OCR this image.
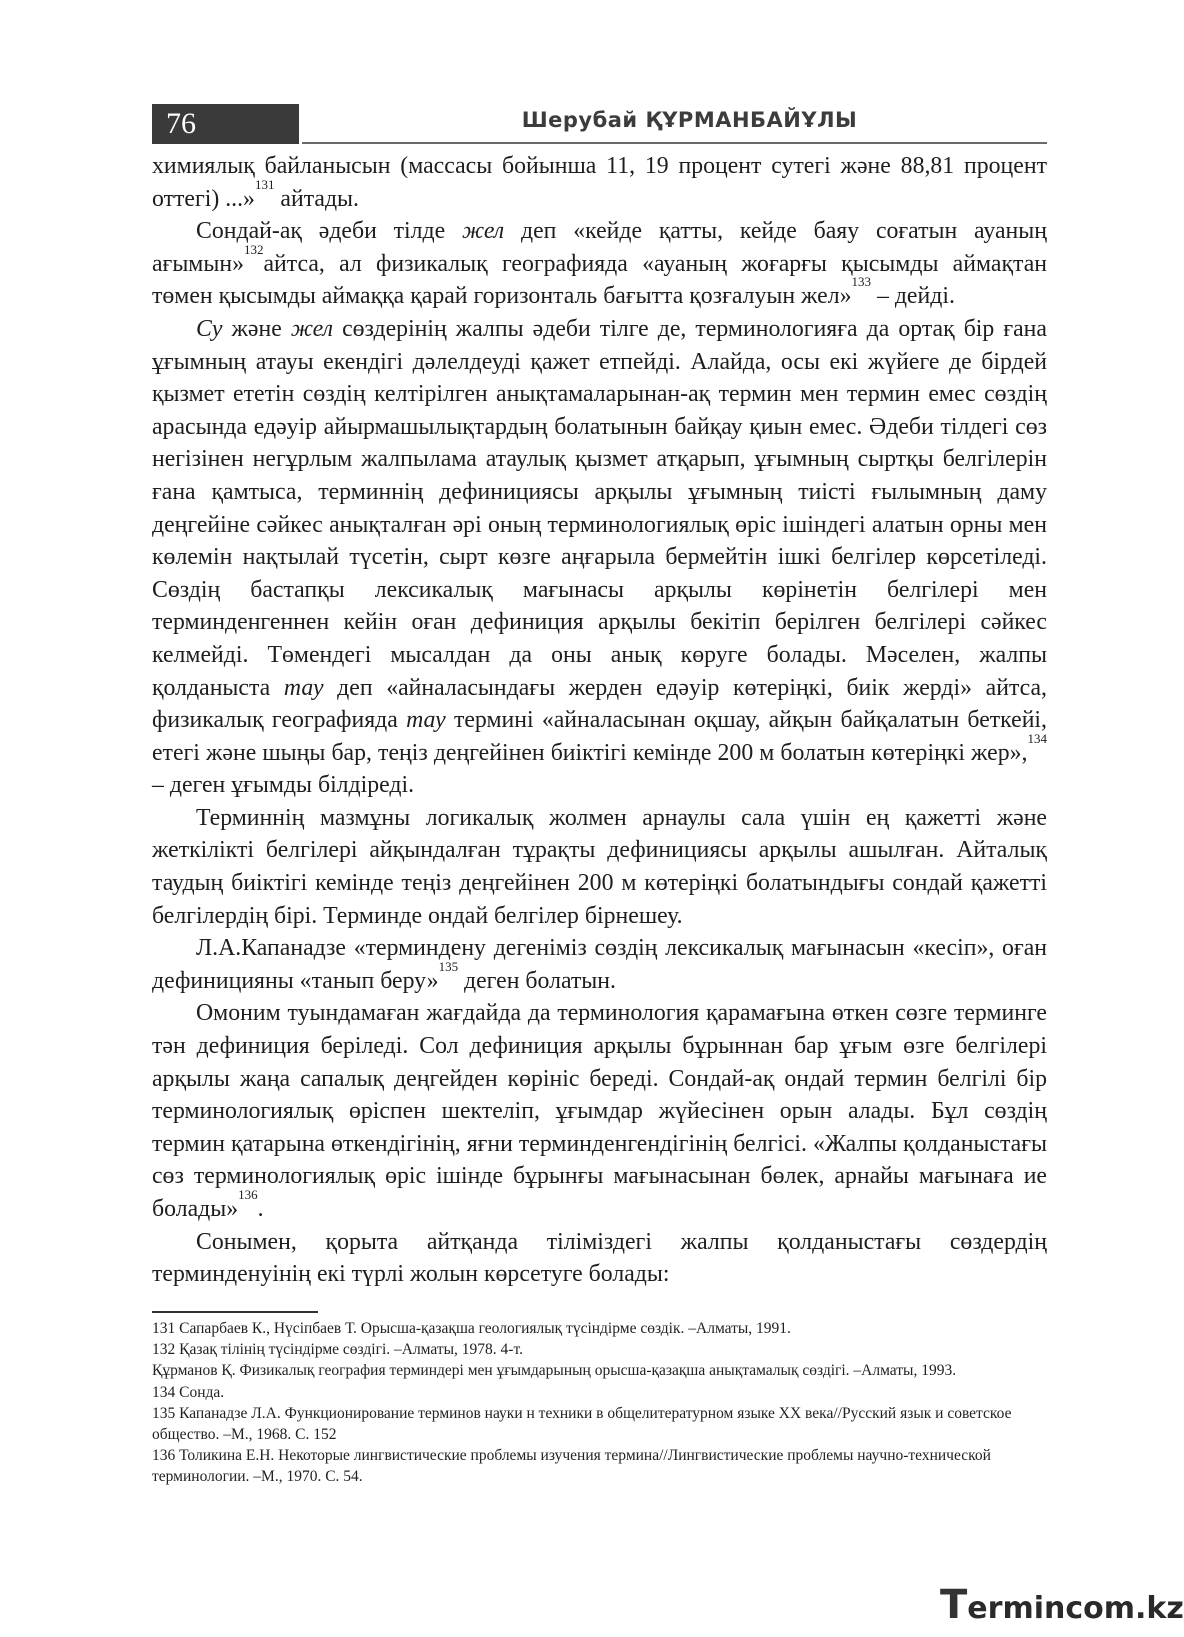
76	Шерубай ҚҰРМАНБАЙҰЛЫ

химиялық байланысын (массасы бойынша 11, 19 процент сутегі және 88,81 процент оттегі) ...»$^{131}$ айтады.

Сондай-ақ әдеби тілде жел деп «кейде қатты, кейде баяу соғатын ауаның ағымын»$^{132}$айтса, ал физикалық географияда «ауаның жоғарғы қысымды аймақтан төмен қысымды аймаққа қарай горизонталь бағытта қозғалуын жел»$^{133}$ – дейді.

Су және жел сөздерінің жалпы әдеби тілге де, терминологияға да ортақ бір ғана ұғымның атауы екендігі дәлелдеуді қажет етпейді. Алайда, осы екі жүйеге де бірдей қызмет ететін сөздің келтірілген анықтамаларынан-ақ термин мен термин емес сөздің арасында едәуір айырмашылықтардың болатынын байқау қиын емес. Әдеби тілдегі сөз негізінен негұрлым жалпылама атаулық қызмет атқарып, ұғымның сыртқы белгілерін ғана қамтыса, терминнің дефинициясы арқылы ұғымның тиісті ғылымның даму деңгейіне сәйкес анықталған әрі оның терминологиялық өріс ішіндегі алатын орны мен көлемін нақтылай түсетін, сырт көзге аңғарыла бермейтін ішкі белгілер көрсетіледі. Сөздің бастапқы лексикалық мағынасы арқылы көрінетін белгілері мен терминденгеннен кейін оған дефиниция арқылы бекітіп берілген белгілері сәйкес келмейді. Төмендегі мысалдан да оны анық көруге болады. Мәселен, жалпы қолданыста тау деп «айналасындағы жерден едәуір көтеріңкі, биік жерді» айтса, физикалық географияда тау термині «айналасынан оқшау, айқын байқалатын беткейі, етегі және шыңы бар, теңіз деңгейінен биіктігі кемінде 200 м болатын көтеріңкі жер»,$^{134}$ – деген ұғымды білдіреді.

Терминнің мазмұны логикалық жолмен арнаулы сала үшін ең қажетті және жеткілікті белгілері айқындалған тұрақты дефинициясы арқылы ашылған. Айталық таудың биіктігі кемінде теңіз деңгейінен 200 м көтеріңкі болатындығы сондай қажетті белгілердің бірі. Терминде ондай белгілер бірнешеу.

Л.А.Капанадзе «терминдену дегеніміз сөздің лексикалық мағынасын «кесіп», оған дефиницияны «танып беру»$^{135}$ деген болатын.

Омоним туындамаған жағдайда да терминология қарамағына өткен сөзге терминге тән дефиниция беріледі. Сол дефиниция арқылы бұрыннан бар ұғым өзге белгілері арқылы жаңа сапалық деңгейден көрініс береді. Сондай-ақ ондай термин белгілі бір терминологиялық өріспен шектеліп, ұғымдар жүйесінен орын алады. Бұл сөздің термин қатарына өткендігінің, яғни терминденгендігінің белгісі. «Жалпы қолданыстағы сөз терминологиялық өріс ішінде бұрынғы мағынасынан бөлек, арнайы мағынаға ие болады»$^{136}$.

Сонымен, қорыта айтқанда тіліміздегі жалпы қолданыстағы сөздердің терминденуінің екі түрлі жолын көрсетуге болады:

131 Сапарбаев К., Нүсіпбаев Т. Орысша-қазақша геологиялық түсіндірме сөздік. –Алматы, 1991.

132 Қазақ тілінің түсіндірме сөздігі. –Алматы, 1978. 4-т.

Құрманов Қ. Физикалық география терминдері мен ұғымдарының орысша-қазақша анықтамалық сөздігі. –Алматы, 1993.

134 Сонда.

135 Капанадзе Л.А. Функционирование терминов науки н техники в общелитературном языке XX века//Русский язык и советское общество. –М., 1968. С. 152

136 Толикина Е.Н. Некоторые лингвистические проблемы изучения термина//Лингвистические проблемы научно-технической терминологии. –М., 1970. С. 54.

Termincom.kz
